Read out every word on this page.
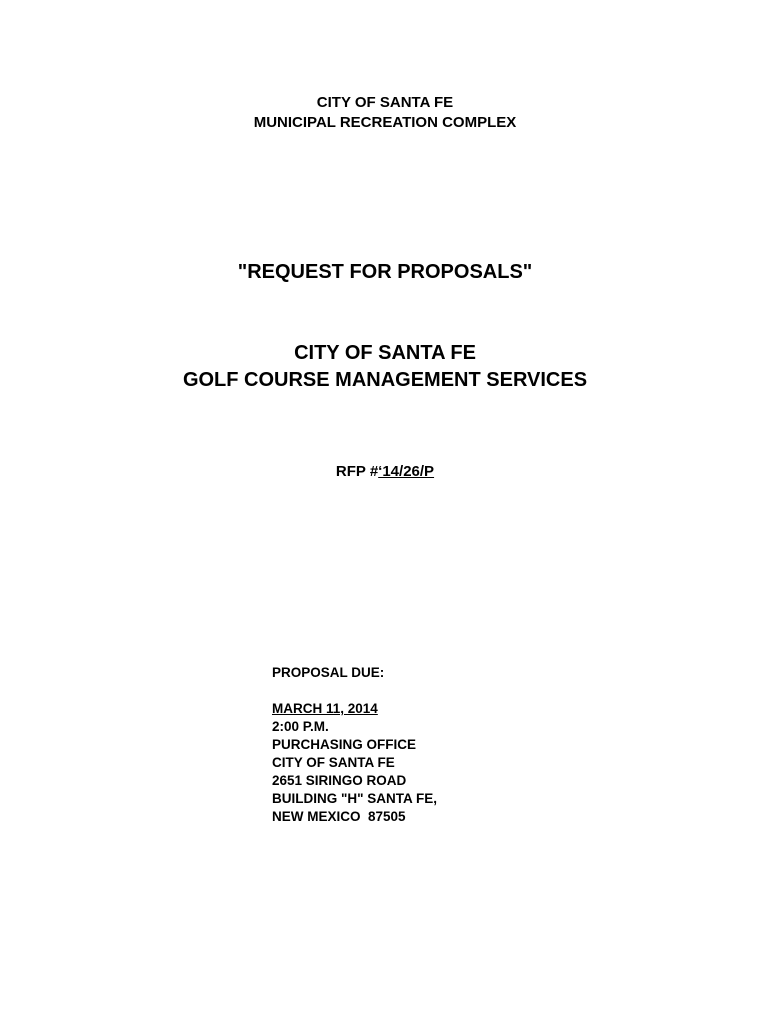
CITY OF SANTA FE
MUNICIPAL RECREATION COMPLEX
"REQUEST FOR PROPOSALS"
CITY OF SANTA FE
GOLF COURSE MANAGEMENT SERVICES
RFP #‘14/26/P
PROPOSAL DUE:
MARCH 11, 2014
2:00 P.M.
PURCHASING OFFICE
CITY OF SANTA FE
2651 SIRINGO ROAD
BUILDING "H" SANTA FE,
NEW MEXICO  87505
